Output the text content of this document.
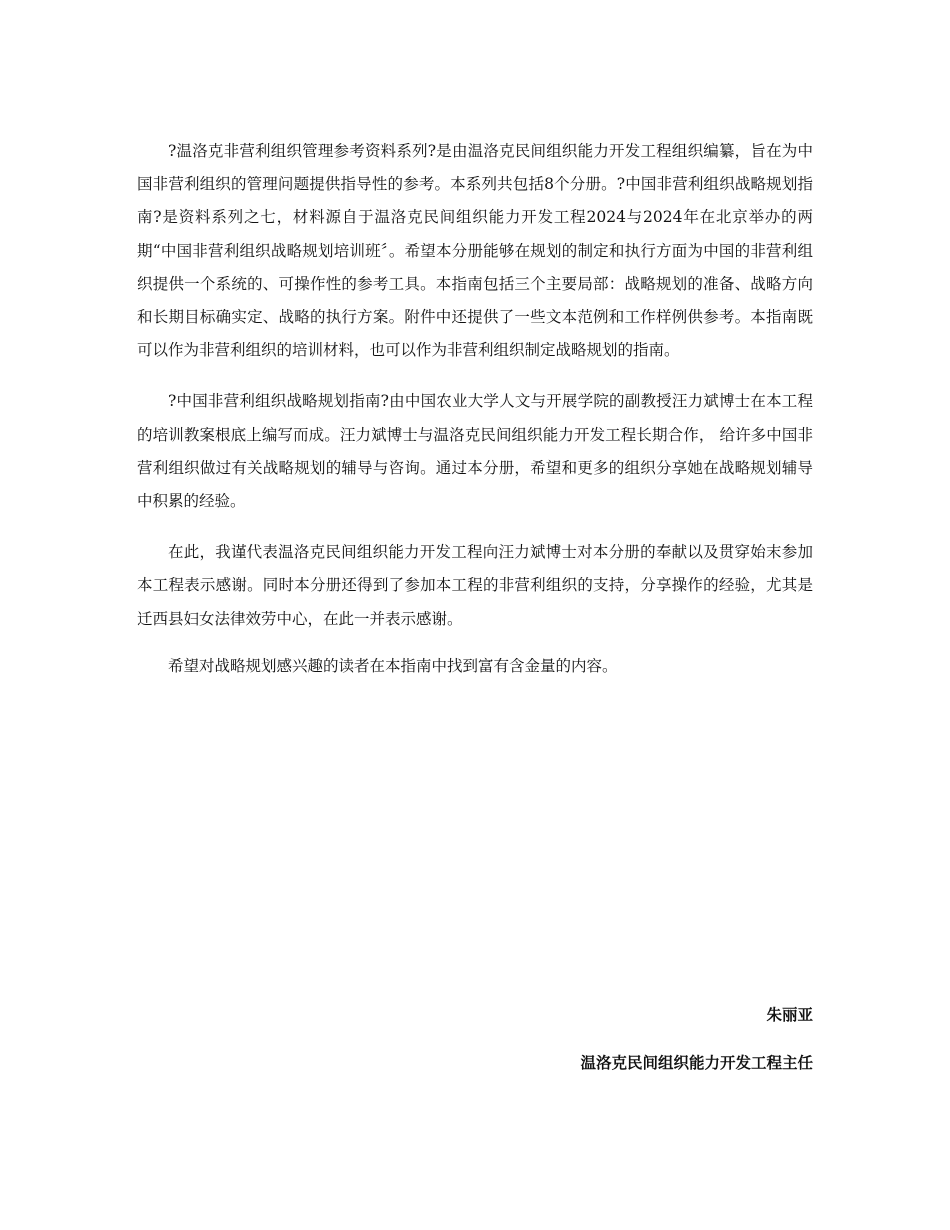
?温洛克非营利组织管理参考资料系列?是由温洛克民间组织能力开发工程组织编纂，旨在为中国非营利组织的管理问题提供指导性的参考。本系列共包括8个分册。?中国非营利组织战略规划指南?是资料系列之七，材料源自于温洛克民间组织能力开发工程2024与2024年在北京举办的两期“中国非营利组织战略规划培训班〞。希望本分册能够在规划的制定和执行方面为中国的非营利组织提供一个系统的、可操作性的参考工具。本指南包括三个主要局部：战略规划的准备、战略方向和长期目标确实定、战略的执行方案。附件中还提供了一些文本范例和工作样例供参考。本指南既可以作为非营利组织的培训材料，也可以作为非营利组织制定战略规划的指南。

?中国非营利组织战略规划指南?由中国农业大学人文与开展学院的副教授汪力斌博士在本工程的培训教案根底上编写而成。汪力斌博士与温洛克民间组织能力开发工程长期合作， 给许多中国非营利组织做过有关战略规划的辅导与咨询。通过本分册，希望和更多的组织分享她在战略规划辅导中积累的经验。

在此，我谨代表温洛克民间组织能力开发工程向汪力斌博士对本分册的奉献以及贯穿始末参加本工程表示感谢。同时本分册还得到了参加本工程的非营利组织的支持，分享操作的经验，尤其是迁西县妇女法律效劳中心，在此一并表示感谢。

希望对战略规划感兴趣的读者在本指南中找到富有含金量的内容。

朱丽亚
温洛克民间组织能力开发工程主任
